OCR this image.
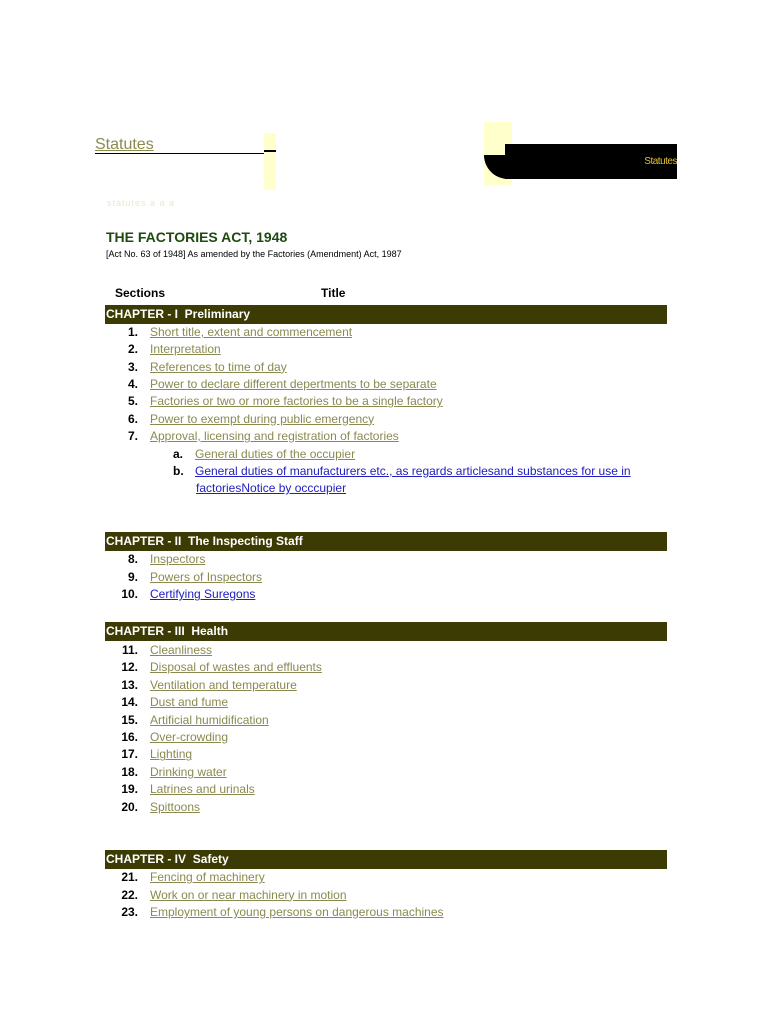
Statutes
Statutes
statutes a a a
THE FACTORIES ACT, 1948
[Act No. 63 of 1948] As amended by the Factories (Amendment) Act, 1987
Sections	Title
CHAPTER - I Preliminary
1. Short title, extent and commencement
2. Interpretation
3. References to time of day
4. Power to declare different depertments to be separate
5. Factories or two or more factories to be a single factory
6. Power to exempt during public emergency
7. Approval, licensing and registration of factories
a. General duties of the occupier
b. General duties of manufacturers etc., as regards articlesand substances for use in
factoriesNotice by occcupier
CHAPTER - II The Inspecting Staff
8. Inspectors
9. Powers of Inspectors
10. Certifying Suregons
CHAPTER - III Health
11. Cleanliness
12. Disposal of wastes and effluents
13. Ventilation and temperature
14. Dust and fume
15. Artificial humidification
16. Over-crowding
17. Lighting
18. Drinking water
19. Latrines and urinals
20. Spittoons
CHAPTER - IV Safety
21. Fencing of machinery
22. Work on or near machinery in motion
23. Employment of young persons on dangerous machines
